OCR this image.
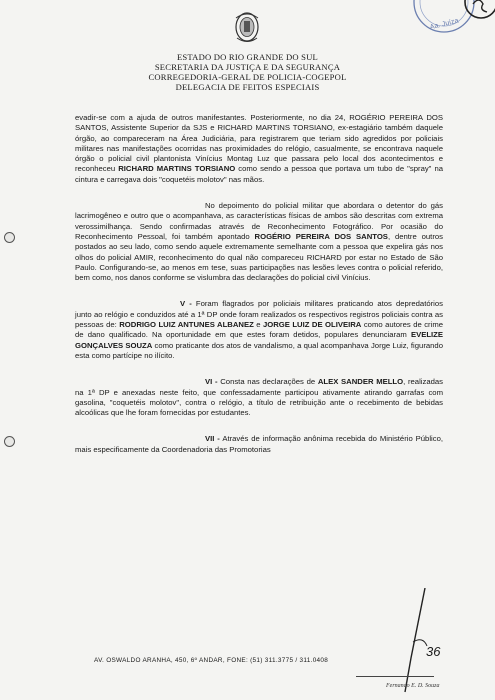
Aa. Juíza
ESTADO DO RIO GRANDE DO SUL
SECRETARIA DA JUSTIÇA E DA SEGURANÇA
CORREGEDORIA-GERAL DE POLICIA-COGEPOL
DELEGACIA DE FEITOS ESPECIAIS

evadir-se com a ajuda de outros manifestantes. Posteriormente, no dia 24, ROGÉRIO PEREIRA DOS SANTOS, Assistente Superior da SJS e RICHARD MARTINS TORSIANO, ex-estagiário também daquele órgão, ao compareceram na Área Judiciária, para registrarem que teriam sido agredidos por policiais militares nas manifestações ocorridas nas proximidades do relógio, casualmente, se encontrava naquele órgão o policial civil plantonista Vinícius Montag Luz que passara pelo local dos acontecimentos e reconheceu RICHARD MARTINS TORSIANO como sendo a pessoa que portava um tubo de "spray" na cintura e carregava dois "coquetéis molotov" nas mãos.

No depoimento do policial militar que abordara o detentor do gás lacrimogêneo e outro que o acompanhava, as características físicas de ambos são descritas com extrema verossimilhança. Sendo confirmadas através de Reconhecimento Fotográfico. Por ocasião do Reconhecimento Pessoal, foi também apontado ROGÉRIO PEREIRA DOS SANTOS, dentre outros postados ao seu lado, como sendo aquele extremamente semelhante com a pessoa que expelira gás nos olhos do policial AMIR, reconhecimento do qual não compareceu RICHARD por estar no Estado de São Paulo. Configurando-se, ao menos em tese, suas participações nas lesões leves contra o policial referido, bem como, nos danos conforme se vislumbra das declarações do policial civil Vinícius.

V - Foram flagrados por policiais militares praticando atos depredatórios junto ao relógio e conduzidos até a 1ª DP onde foram realizados os respectivos registros policiais contra as pessoas de: RODRIGO LUIZ ANTUNES ALBANEZ e JORGE LUIZ DE OLIVEIRA como autores de crime de dano qualificado. Na oportunidade em que estes foram detidos, populares denunciaram EVELIZE GONÇALVES SOUZA como praticante dos atos de vandalismo, a qual acompanhava Jorge Luiz, figurando esta como partícipe no ilícito.

VI - Consta nas declarações de ALEX SANDER MELLO, realizadas na 1ª DP e anexadas neste feito, que confessadamente participou ativamente atirando garrafas com gasolina, "coquetéis molotov", contra o relógio, a título de retribuição ante o recebimento de bebidas alcoólicas que lhe foram fornecidas por estudantes.

VII - Através de informação anônima recebida do Ministério Público, mais especificamente da Coordenadoria das Promotorias

AV. OSWALDO ARANHA, 450, 6º ANDAR, FONE: (51) 311.3775 / 311.0408
36
Fernando E. D. Souza
